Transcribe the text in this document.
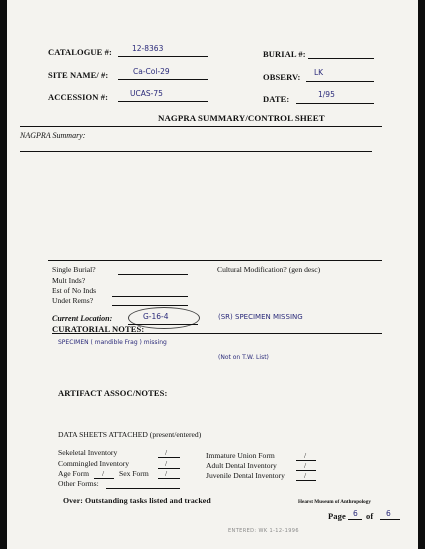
CATALOGUE #:	12-8363
BURIAL #:
SITE NAME/ #:	Ca-Col-29
OBSERV: LK
ACCESSION #:	UCAS-75
DATE:	1/95
NAGPRA SUMMARY/CONTROL SHEET
NAGPRA Summary:
Single Burial?
Mult Inds?
Est of No Inds
Undet Rems?
Cultural Modification? (gen desc)
Current Location:	G-16-4	(SR) SPECIMEN MISSING
CURATORIAL NOTES:
SPECIMEN ( mandible Frag ) missing
(Not on T.W. List)
ARTIFACT ASSOC/NOTES:
DATA SHEETS ATTACHED (present/entered)
Sekeletal Inventory	/
Commingled Inventory	/
Age Form / Sex Form /
Other Forms:
Immature Union Form	/
Adult Dental Inventory	/
Juvenile Dental Inventory	/
Over: Outstanding tasks listed and tracked	Hearst Museum of Anthropology
Page 6 of 6
ENTERED: WK 1-12-1996
